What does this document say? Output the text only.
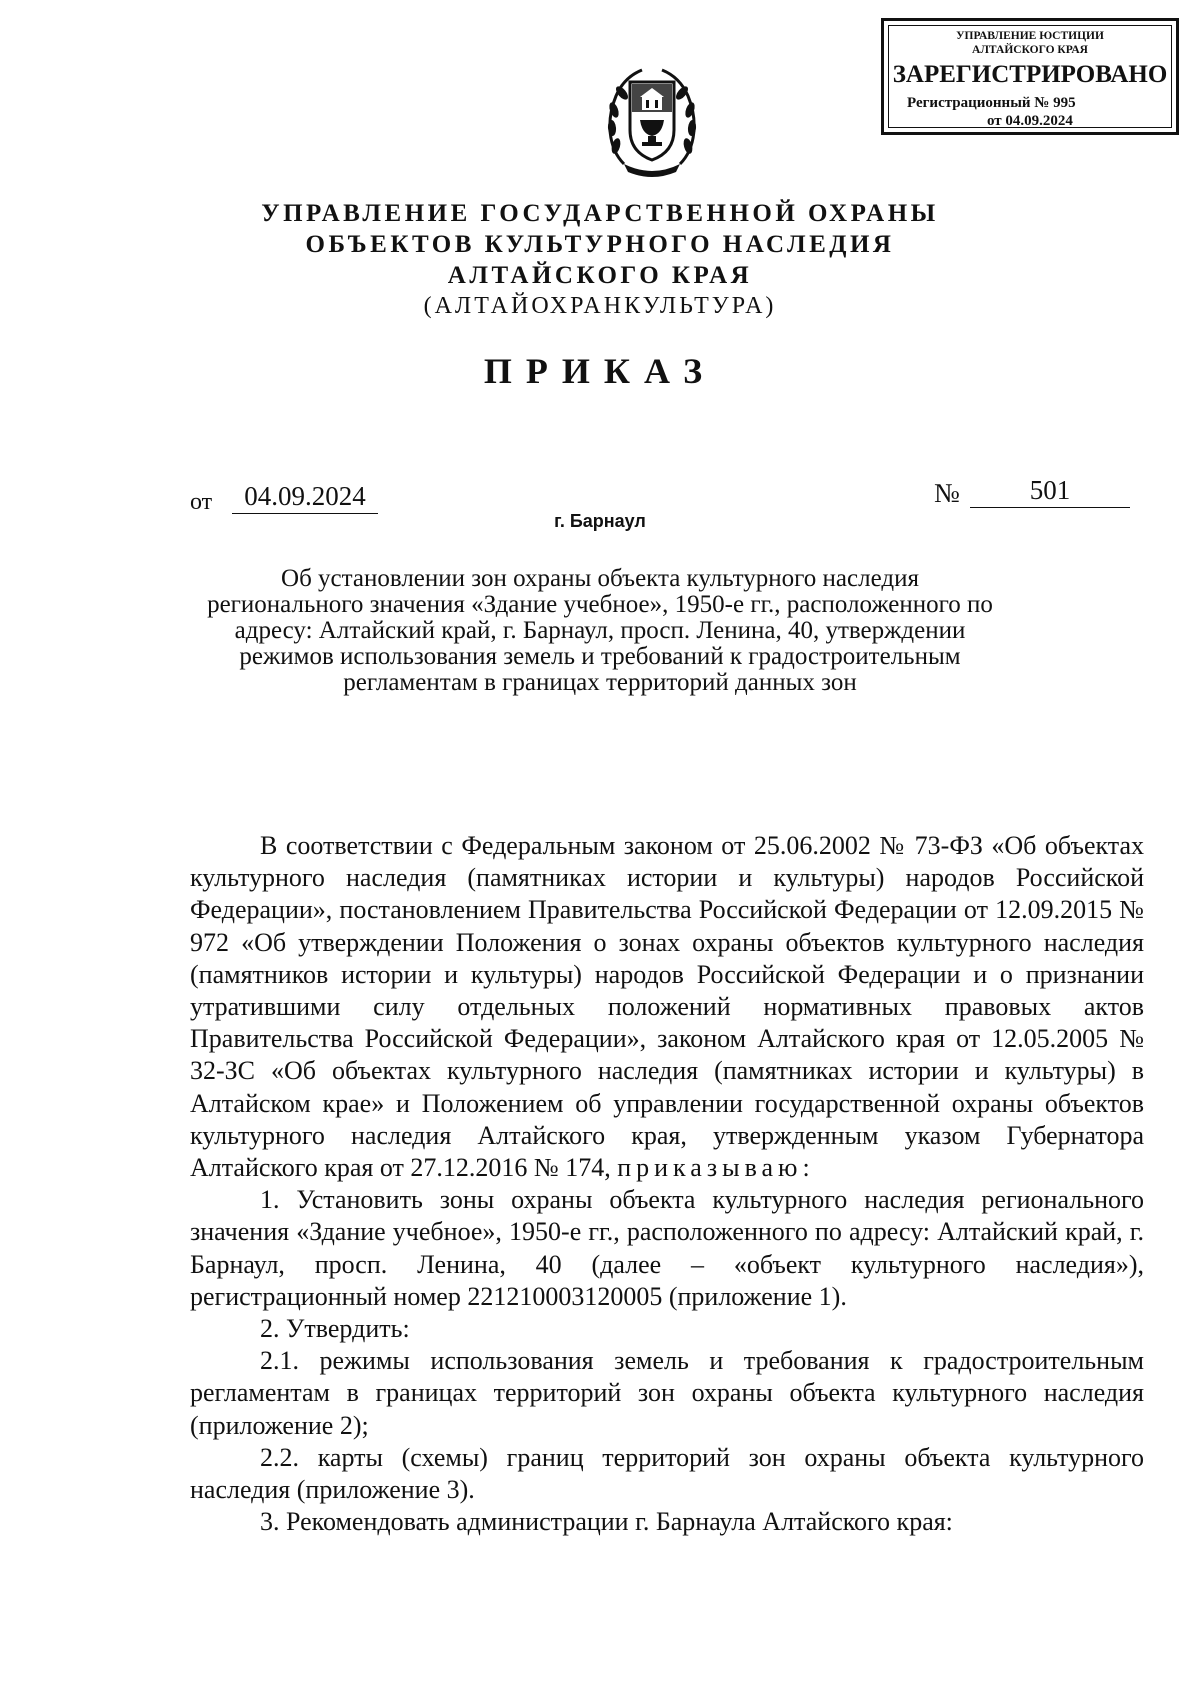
УПРАВЛЕНИЕ ЮСТИЦИИ
АЛТАЙСКОГО КРАЯ
ЗАРЕГИСТРИРОВАНО
Регистрационный № 995
от 04.09.2024
УПРАВЛЕНИЕ ГОСУДАРСТВЕННОЙ ОХРАНЫ
ОБЪЕКТОВ КУЛЬТУРНОГО НАСЛЕДИЯ
АЛТАЙСКОГО КРАЯ
(АЛТАЙОХРАНКУЛЬТУРА)
ПРИКАЗ
от	04.09.2024	№	501
г. Барнаул
Об установлении зон охраны объекта культурного наследия регионального значения «Здание учебное», 1950-е гг., расположенного по адресу: Алтайский край, г. Барнаул, просп. Ленина, 40, утверждении режимов использования земель и требований к градостроительным регламентам в границах территорий данных зон

В соответствии с Федеральным законом от 25.06.2002 № 73-ФЗ «Об объектах культурного наследия (памятниках истории и культуры) народов Российской Федерации», постановлением Правительства Российской Федерации от 12.09.2015 № 972 «Об утверждении Положения о зонах охраны объектов культурного наследия (памятников истории и культуры) народов Российской Федерации и о признании утратившими силу отдельных положений нормативных правовых актов Правительства Российской Федерации», законом Алтайского края от 12.05.2005 № 32-ЗС «Об объектах культурного наследия (памятниках истории и культуры) в Алтайском крае» и Положением об управлении государственной охраны объектов культурного наследия Алтайского края, утвержденным указом Губернатора Алтайского края от 27.12.2016 № 174, приказываю:

1. Установить зоны охраны объекта культурного наследия регионального значения «Здание учебное», 1950-е гг., расположенного по адресу: Алтайский край, г. Барнаул, просп. Ленина, 40 (далее – «объект культурного наследия»), регистрационный номер 221210003120005 (приложение 1).

2. Утвердить:

2.1. режимы использования земель и требования к градостроительным регламентам в границах территорий зон охраны объекта культурного наследия (приложение 2);

2.2. карты (схемы) границ территорий зон охраны объекта культурного наследия (приложение 3).

3. Рекомендовать администрации г. Барнаула Алтайского края:
